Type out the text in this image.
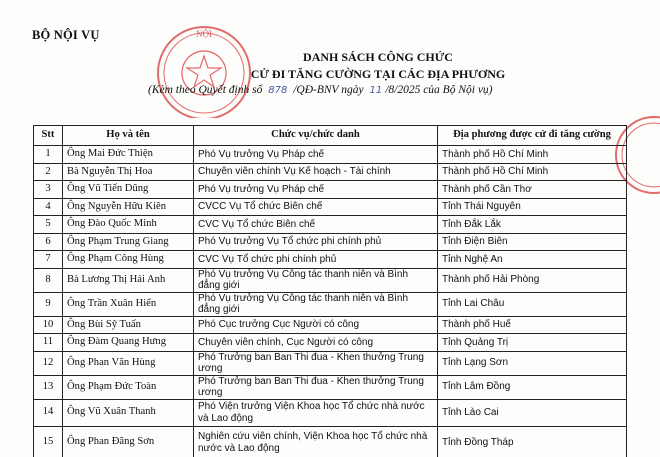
BỘ NỘI VỤ	NỘI
DANH SÁCH CÔNG CHỨC
CỬ ĐI TĂNG CƯỜNG TẠI CÁC ĐỊA PHƯƠNG
(Kèm theo Quyết định số 878 /QĐ-BNV ngày 11 /8/2025 của Bộ Nội vụ)
Stt	Họ và tên	Chức vụ/chức danh	Địa phương được cử đi tăng cường
1	Ông Mai Đức Thiện	Phó Vụ trưởng Vụ Pháp chế	Thành phố Hồ Chí Minh
2	Bà Nguyễn Thị Hoa	Chuyên viên chính Vụ Kế hoạch - Tài chính	Thành phố Hồ Chí Minh
3	Ông Vũ Tiến Dũng	Phó Vụ trưởng Vụ Pháp chế	Thành phố Cần Thơ
4	Ông Nguyễn Hữu Kiên	CVCC Vụ Tổ chức Biên chế	Tỉnh Thái Nguyên
5	Ông Đào Quốc Minh	CVC Vụ Tổ chức Biên chế	Tỉnh Đắk Lắk
6	Ông Phạm Trung Giang	Phó Vụ trưởng Vụ Tổ chức phi chính phủ	Tỉnh Điện Biên
7	Ông Phạm Công Hùng	CVC Vụ Tổ chức phi chính phủ	Tỉnh Nghệ An
8	Bà Lương Thị Hải Anh	Phó Vụ trưởng Vụ Công tác thanh niên và Bình đẳng giới	Thành phố Hải Phòng
9	Ông Trần Xuân Hiển	Phó Vụ trưởng Vụ Công tác thanh niên và Bình đẳng giới	Tỉnh Lai Châu
10	Ông Bùi Sỹ Tuấn	Phó Cục trưởng Cục Người có công	Thành phố Huế
11	Ông Đàm Quang Hưng	Chuyên viên chính, Cục Người có công	Tỉnh Quảng Trị
12	Ông Phan Văn Hùng	Phó Trưởng ban Ban Thi đua - Khen thưởng Trung ương	Tỉnh Lạng Sơn
13	Ông Phạm Đức Toàn	Phó Trưởng ban Ban Thi đua - Khen thưởng Trung ương	Tỉnh Lâm Đồng
14	Ông Vũ Xuân Thanh	Phó Viện trưởng Viện Khoa học Tổ chức nhà nước và Lao động	Tỉnh Lào Cai
15	Ông Phan Đăng Sơn	Nghiên cứu viên chính, Viện Khoa học Tổ chức nhà nước và Lao động	Tỉnh Đồng Tháp
